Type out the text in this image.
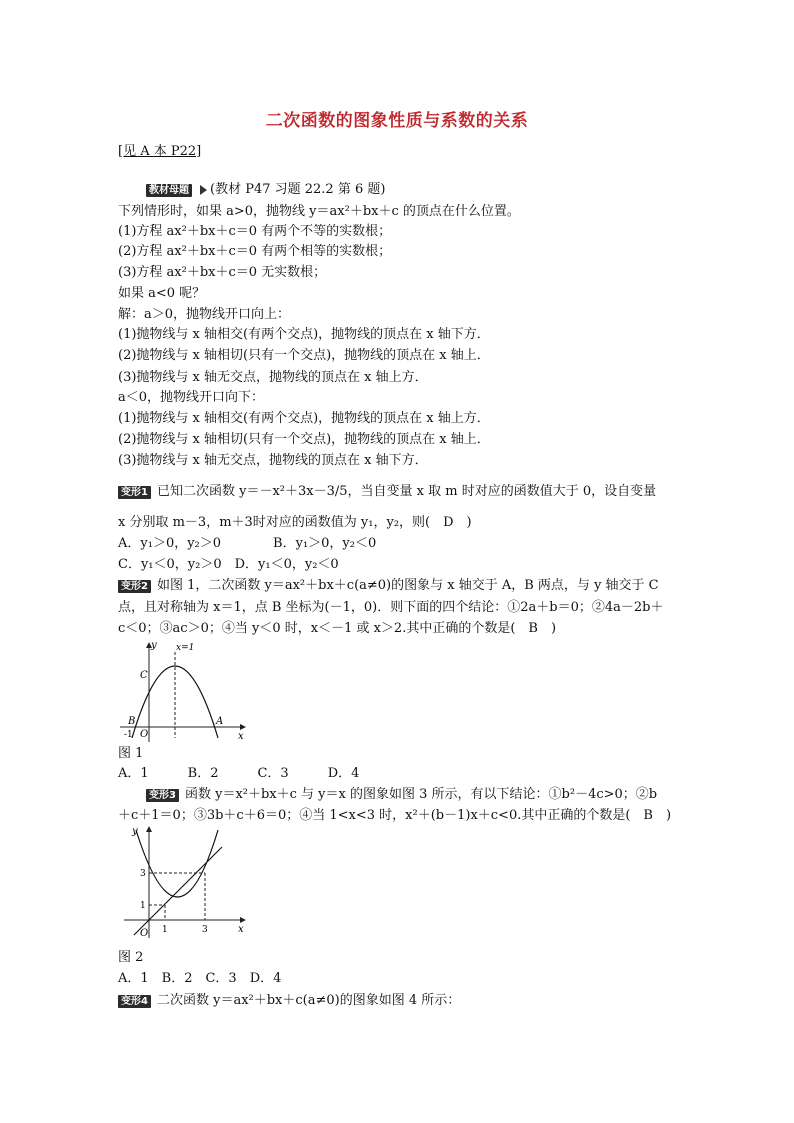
二次函数的图象性质与系数的关系
[见 A 本 P22]
教材母题 (教材 P47 习题 22.2 第 6 题)
下列情形时，如果 a>0，抛物线 y＝ax²＋bx＋c 的顶点在什么位置。
(1)方程 ax²＋bx＋c＝0 有两个不等的实数根；
(2)方程 ax²＋bx＋c＝0 有两个相等的实数根；
(3)方程 ax²＋bx＋c＝0 无实数根；
如果 a<0 呢？
解：a＞0，抛物线开口向上：
(1)抛物线与 x 轴相交(有两个交点)，抛物线的顶点在 x 轴下方．
(2)抛物线与 x 轴相切(只有一个交点)，抛物线的顶点在 x 轴上．
(3)抛物线与 x 轴无交点，抛物线的顶点在 x 轴上方．
a＜0，抛物线开口向下：
(1)抛物线与 x 轴相交(有两个交点)，抛物线的顶点在 x 轴上方．
(2)抛物线与 x 轴相切(只有一个交点)，抛物线的顶点在 x 轴上．
(3)抛物线与 x 轴无交点，抛物线的顶点在 x 轴下方．
变形1 已知二次函数 y＝－x²＋3x－3/5，当自变量 x 取 m 时对应的函数值大于 0，设自变量
x 分别取 m－3，m＋3时对应的函数值为 y₁，y₂，则(　D　)
A．y₁＞0，y₂＞0　　　　B．y₁＞0，y₂＜0
C．y₁＜0，y₂＞0　D．y₁＜0，y₂＜0
变形2 如图 1，二次函数 y＝ax²＋bx＋c(a≠0)的图象与 x 轴交于 A，B 两点，与 y 轴交于 C
点，且对称轴为 x＝1，点 B 坐标为(－1，0)．则下面的四个结论：①2a＋b＝0；②4a－2b＋
c＜0；③ac＞0；④当 y＜0 时，x＜－1 或 x＞2.其中正确的个数是(　B　)
y
x
x=1
C
B	A
O
-1
图 1
A．1　　　B．2　　　C．3　　　D．4
变形3 函数 y＝x²＋bx＋c 与 y＝x 的图象如图 3 所示，有以下结论：①b²－4c>0；②b
＋c＋1＝0；③3b＋c＋6＝0；④当 1<x<3 时，x²＋(b－1)x＋c<0.其中正确的个数是(　B　)
y
x
O 1	3
1
3
图 2
A．1　B．2　C．3　D．4
变形4 二次函数 y＝ax²＋bx＋c(a≠0)的图象如图 4 所示：
